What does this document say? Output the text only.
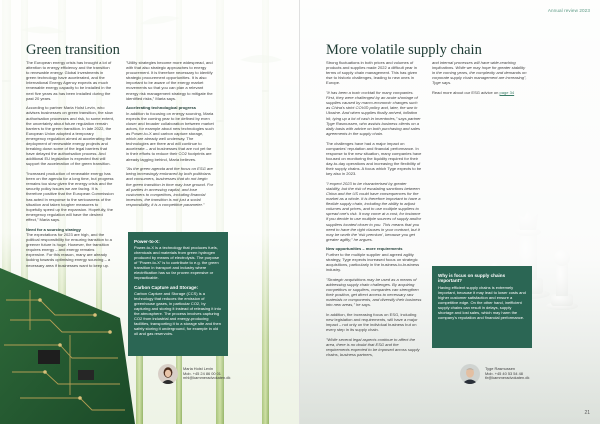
Green transition

The European energy crisis has brought a lot of attention to energy efficiency and the transition to renewable energy. Global investments in green technology have accelerated, and the International Energy Agency expects as much renewable energy capacity to be installed in the next five years as has been installed during the past 20 years.

According to partner Maria Holst Levin, who advises businesses on green transition, the slow authorisation processes and risk, to some extent, the uncertainty about future regulation remain barriers to the green transition. In late 2022, the European Union adopted a temporary emergency regulation aimed at accelerating the deployment of renewable energy projects and breaking down some of the legal barriers that have delayed the authorisation process. And additional EU legislation is expected that will support the acceleration of the green transition.

"Increased production of renewable energy has been on the agenda for a long time, but progress remains too slow given the energy crisis and the security policy issues we are facing. It is therefore positive that the European Commission has acted in response to the seriousness of the situation and taken tougher measures to hopefully speed up the expansion. Hopefully, the emergency regulation will have the desired effect," Maria says.

Need for a sourcing strategy

The expectations for 2023 are high, and the political responsibility for ensuring transition to a greener future is huge. However, the transition requires energy – and energy remains expensive. For this reason, many are already looking towards optimising energy sourcing – a necessary area if businesses want to keep up.

"Utility strategies become more widespread, and with that also strategic approaches to energy procurement. It is therefore necessary to identify strategic procurement opportunities. It is also important to be aware of the energy market movements so that you can plan a relevant energy risk management strategy to mitigate the identified risks," Maria says.

Accelerating technological progress

In addition to focusing on energy sourcing, Maria expects the coming year to be defined by even closer and broader collaboration between market actors, for example about new technologies such as Power-to-X and carbon capture storage, which are already well underway. The technologies are there and will continue to accelerate – and businesses that are not yet far in their efforts to reduce their CO2 footprints are already lagging behind, Maria believes.

"As the green agenda and the focus on ESG are being increasingly embraced by both politicians and consumers, businesses that do not begin the green transition in time may lose ground. For all parties in accessing capital, and lose customers to competitors, including financial investors, the transition is not just a social responsibility, it is a competitive parameter."

Power-to-X:

Power-to-X is a technology that produces fuels, chemicals and materials from green hydrogen produced by means of electrolysis. The purpose of "Power-to-X" is to contribute to e.g. the green transition in transport and industry where electrification has so far proven expensive or impracticable.

Carbon Capture and Storage:

Carbon Capture and Storage (CCS) is a technology that reduces the emission of greenhouse gases, in particular CO2, by capturing and storing it instead of releasing it into the atmosphere. The process involves capturing CO2 from industrial and energy-producing facilities, transporting it to a storage site and then safely storing it underground, for example in old oil and gas reservoirs.

Maria Holst Levin
Mob. +45 24 86 00 01
mhl@kammeradvokaten.dk
Annual review 2023
More volatile supply chain

Strong fluctuations in both prices and volumes of products and supplies made 2022 a difficult year in terms of supply chain management. This has given rise to historic challenges, leading to new ones in Europe.

"It has been a toxic cocktail for many companies. First, they were challenged by an acute shortage of supplies caused by macro-economic changes such as China's strict COVID policy and, later, the war in Ukraine. And when supplies finally arrived, inflation hit, tying up a lot of cash in inventories," says partner Tyge Rasmussen, who assists business clients on a daily basis with advice on both purchasing and sales agreements in the supply chain.

The challenges have had a major impact on companies' reputation and financial performance. In response to the new situation, many companies have focused on monitoring the liquidity required for their day-to-day operations and increasing the flexibility of their supply chains. A focus which Tyge expects to be key also in 2023.

"I expect 2023 to be characterised by greater stability, but the risk of escalating sanctions between China and the US could have consequences for the market as a whole. It is therefore important to have a flexible supply chain, including the ability to adjust volumes and prices, and to use multiple suppliers to spread one's risk. It may come at a cost, for instance if you decide to use multiple sources of supply and/or suppliers located closer to you. This means that you need to have the right clauses in your contract, but it may be worth the 'risk premium', because you get greater agility," he argues.

New opportunities – more requirements

Further to the multiple supplier and agreed agility strategy, Tyge expects increased focus on strategic acquisitions, particularly in the business-to-business industry.

"Strategic acquisitions may be used as a means of addressing supply chain challenges. By acquiring competitors or suppliers, companies can strengthen their position, get direct access to necessary raw materials or components, and diversify their business into new areas," he says.

In addition, the increasing focus on ESG, including new legislation and requirements, will have a major impact – not only on the individual business but on every step in its supply chain.

"While several legal aspects continue to affect the area, there is no doubt that ESG and the requirements expected to be imposed across supply chains, business partners,

and internal processes will have wide-reaching implications. While we may hope for greater stability in the coming years, the complexity and demands on corporate supply chain management are increasing", Tyge says.

Read more about our ESG advice on page 34

Why is focus on supply chains important?

Having efficient supply chains is extremely important, because it may lead to lower costs and higher customer satisfaction and ensure a competitive edge. On the other hand, inefficient supply chains can result in delays, supply shortage and lost sales, which may harm the company's reputation and financial performance.

Tyge Rasmussen
Mob. +45 40 53 54 48
tlr@kammeradvokaten.dk
21
